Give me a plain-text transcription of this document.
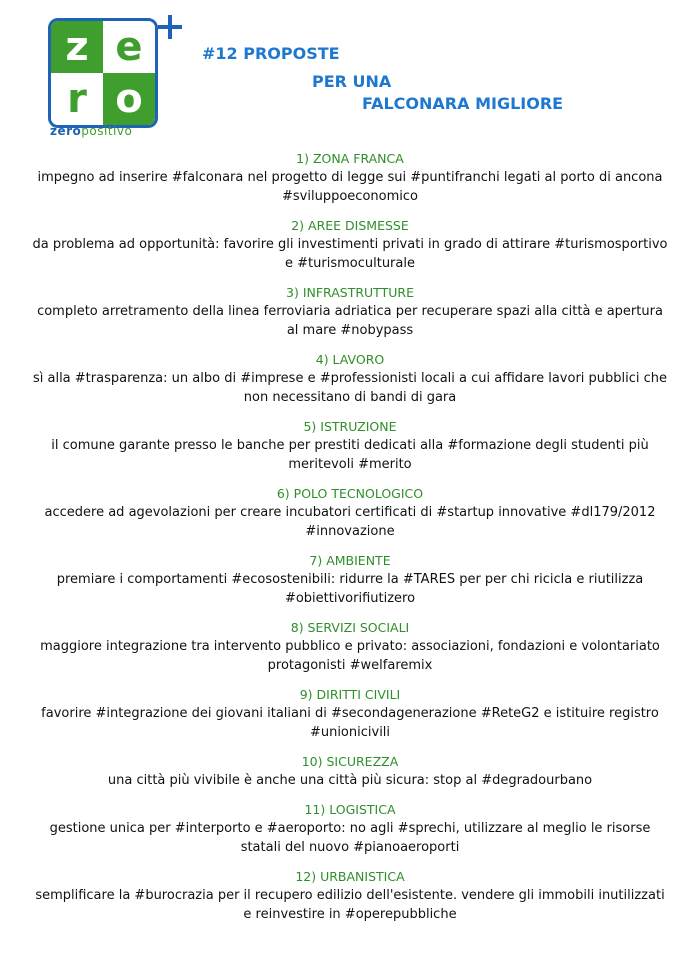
z e
r o
zeropositivo
#12 PROPOSTE
PER UNA
FALCONARA MIGLIORE
1) ZONA FRANCA
impegno ad inserire #falconara nel progetto di legge sui #puntifranchi legati al porto di ancona #sviluppoeconomico
2) AREE DISMESSE
da problema ad opportunità: favorire gli investimenti privati in grado di attirare #turismosportivo e #turismoculturale
3) INFRASTRUTTURE
completo arretramento della linea ferroviaria adriatica per recuperare spazi alla città e apertura al mare #nobypass
4) LAVORO
sì alla #trasparenza: un albo di #imprese e #professionisti locali a cui affidare lavori pubblici che non necessitano di bandi di gara
5) ISTRUZIONE
il comune garante presso le banche per prestiti dedicati alla #formazione degli studenti più meritevoli #merito
6) POLO TECNOLOGICO
accedere ad agevolazioni per creare incubatori certificati di #startup innovative #dl179/2012 #innovazione
7) AMBIENTE
premiare i comportamenti #ecosostenibili: ridurre la #TARES per per chi ricicla e riutilizza #obiettivorifiutizero
8) SERVIZI SOCIALI
maggiore integrazione tra intervento pubblico e privato: associazioni, fondazioni e volontariato protagonisti #welfaremix
9) DIRITTI CIVILI
favorire #integrazione dei giovani italiani di #secondagenerazione #ReteG2 e istituire registro #unionicivili
10) SICUREZZA
una città più vivibile è anche una città più sicura: stop al #degradourbano
11) LOGISTICA
gestione unica per #interporto e #aeroporto: no agli #sprechi, utilizzare al meglio le risorse statali del nuovo #pianoaeroporti
12) URBANISTICA
semplificare la #burocrazia per il recupero edilizio dell'esistente. vendere gli immobili inutilizzati e reinvestire in #operepubbliche
